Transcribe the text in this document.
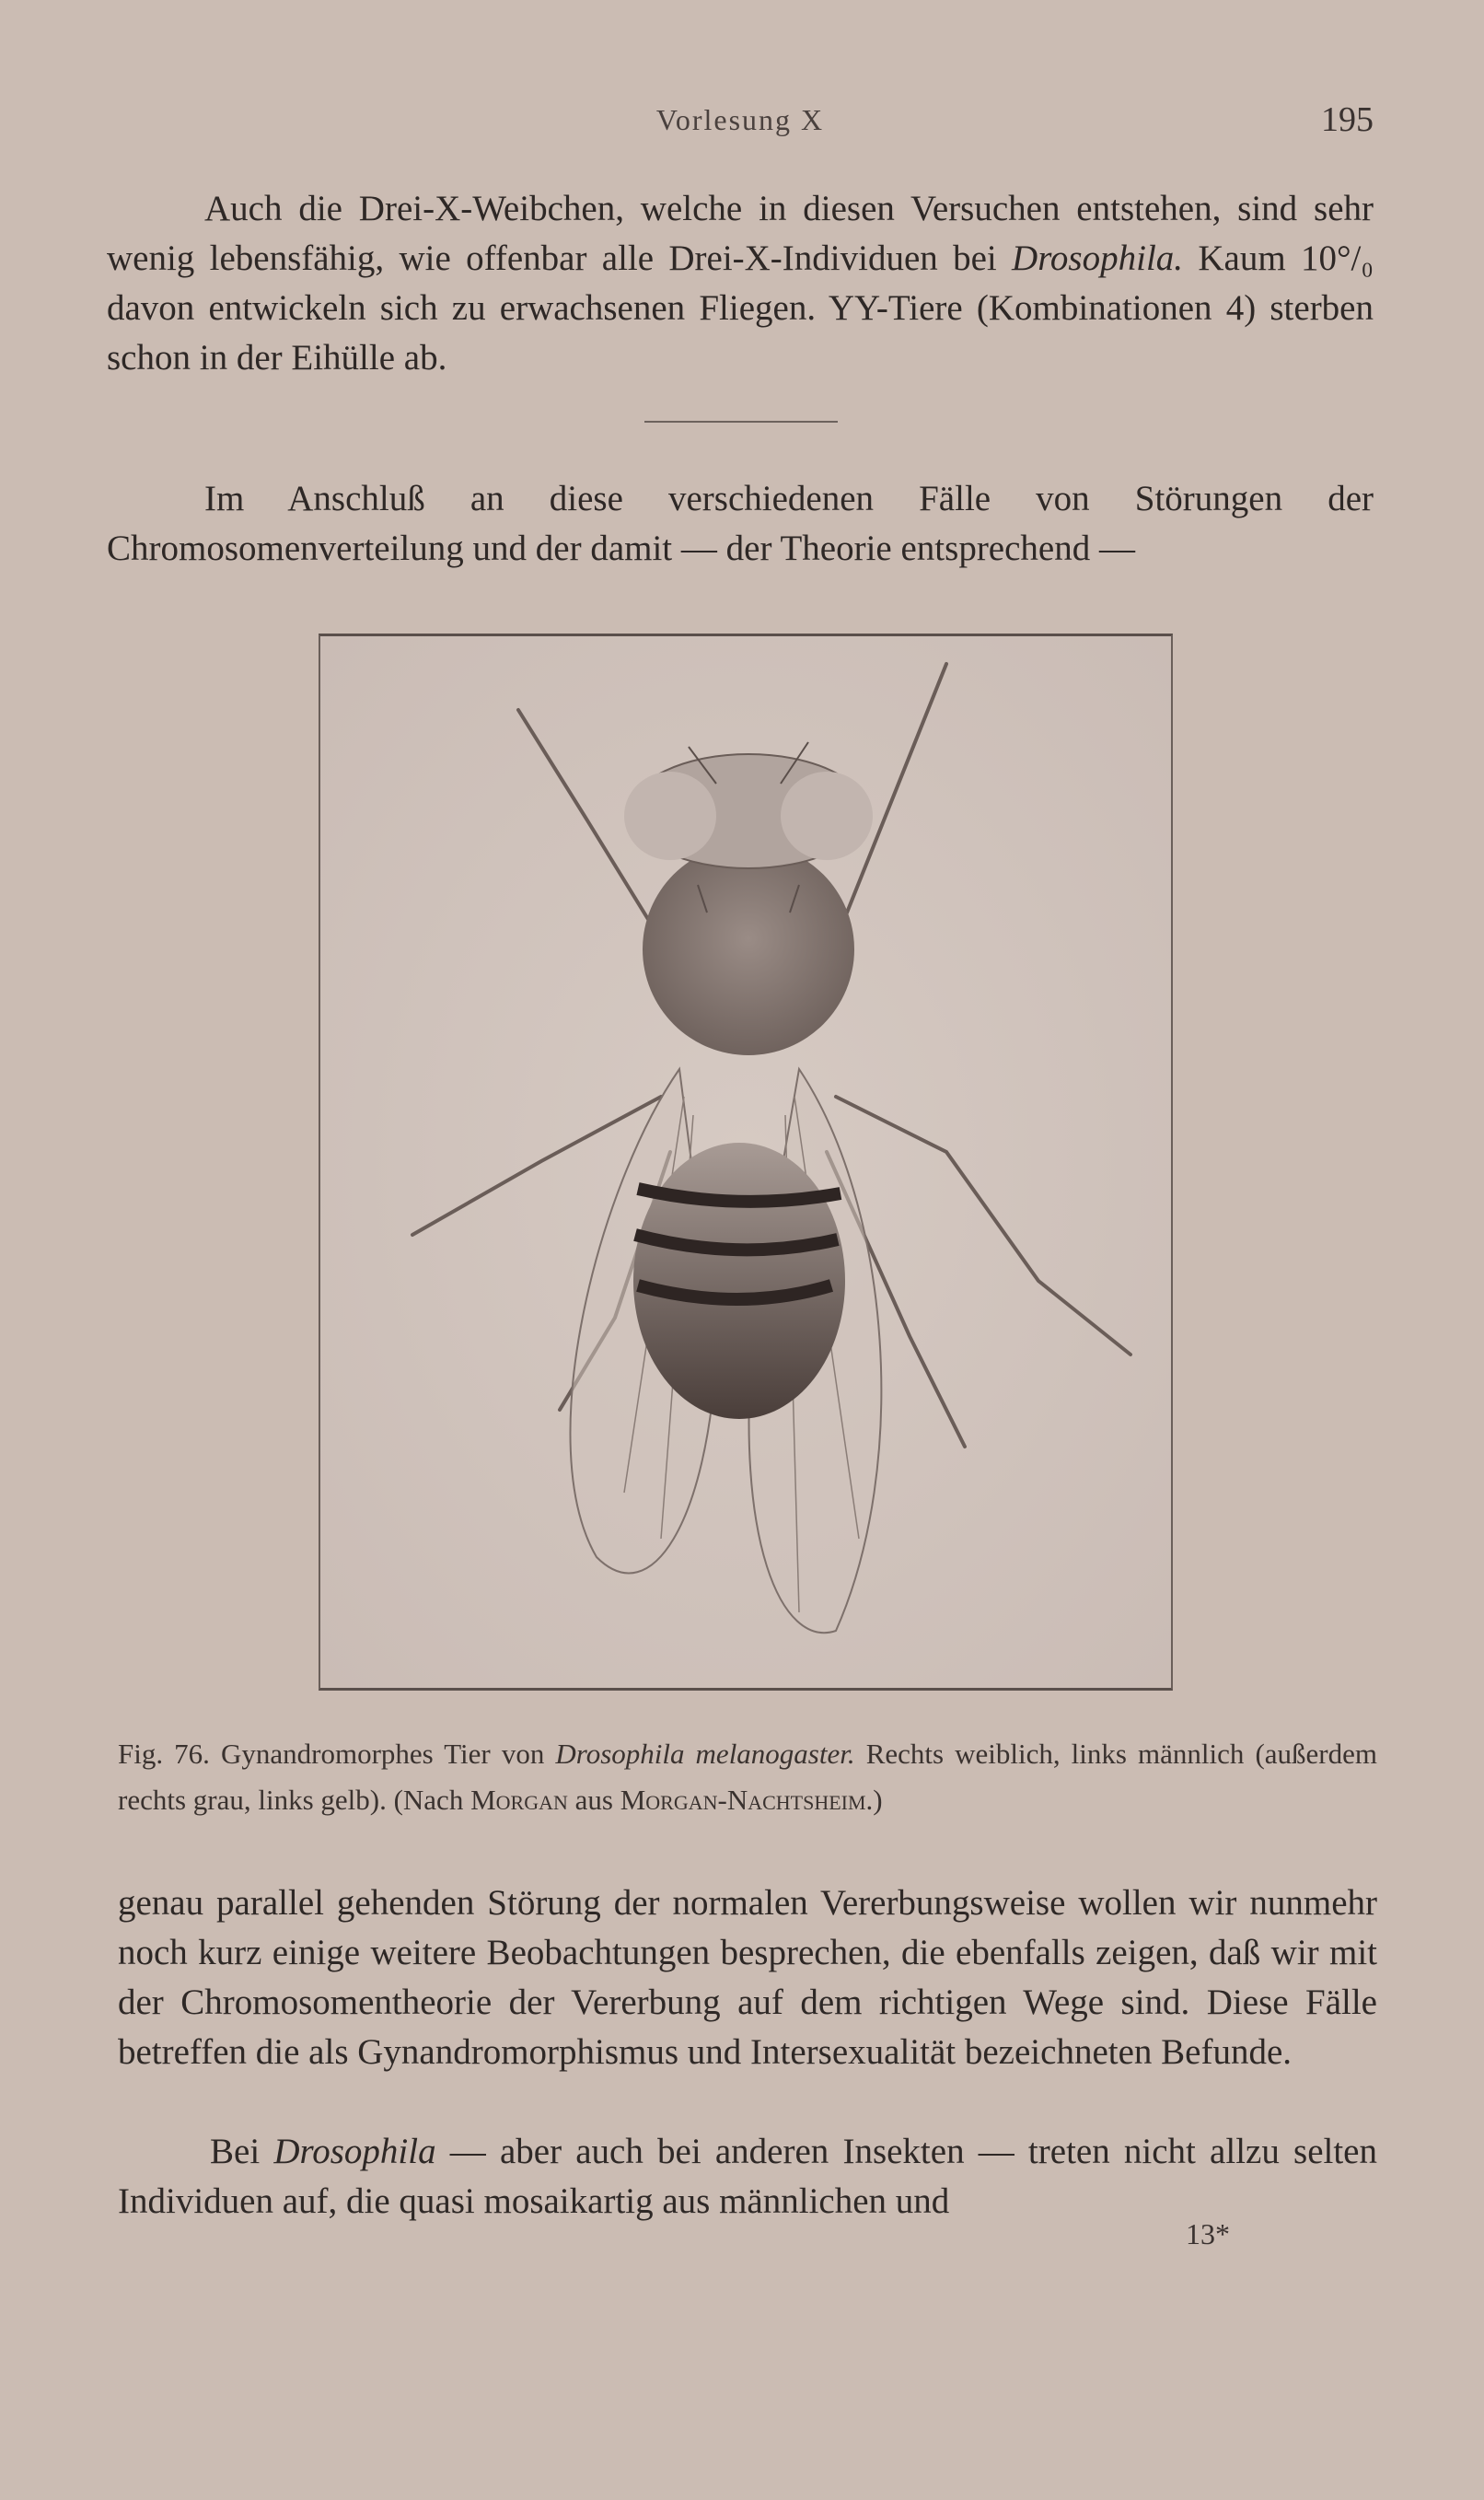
Vorlesung X	195

Auch die Drei-X-Weibchen, welche in diesen Versuchen entstehen, sind sehr wenig lebensfähig, wie offenbar alle Drei-X-Individuen bei Drosophila. Kaum 10°/₀ davon entwickeln sich zu erwachsenen Fliegen. YY-Tiere (Kombinationen 4) sterben schon in der Eihülle ab.

Im Anschluß an diese verschiedenen Fälle von Störungen der Chromosomenverteilung und der damit — der Theorie entsprechend —

Fig. 76. Gynandromorphes Tier von Drosophila melanogaster. Rechts weiblich, links männlich (außerdem rechts grau, links gelb). (Nach Morgan aus Morgan-Nachtsheim.)

genau parallel gehenden Störung der normalen Vererbungsweise wollen wir nunmehr noch kurz einige weitere Beobachtungen besprechen, die ebenfalls zeigen, daß wir mit der Chromosomentheorie der Vererbung auf dem richtigen Wege sind. Diese Fälle betreffen die als Gynandromorphismus und Intersexualität bezeichneten Befunde.

Bei Drosophila — aber auch bei anderen Insekten — treten nicht allzu selten Individuen auf, die quasi mosaikartig aus männlichen und

13*
